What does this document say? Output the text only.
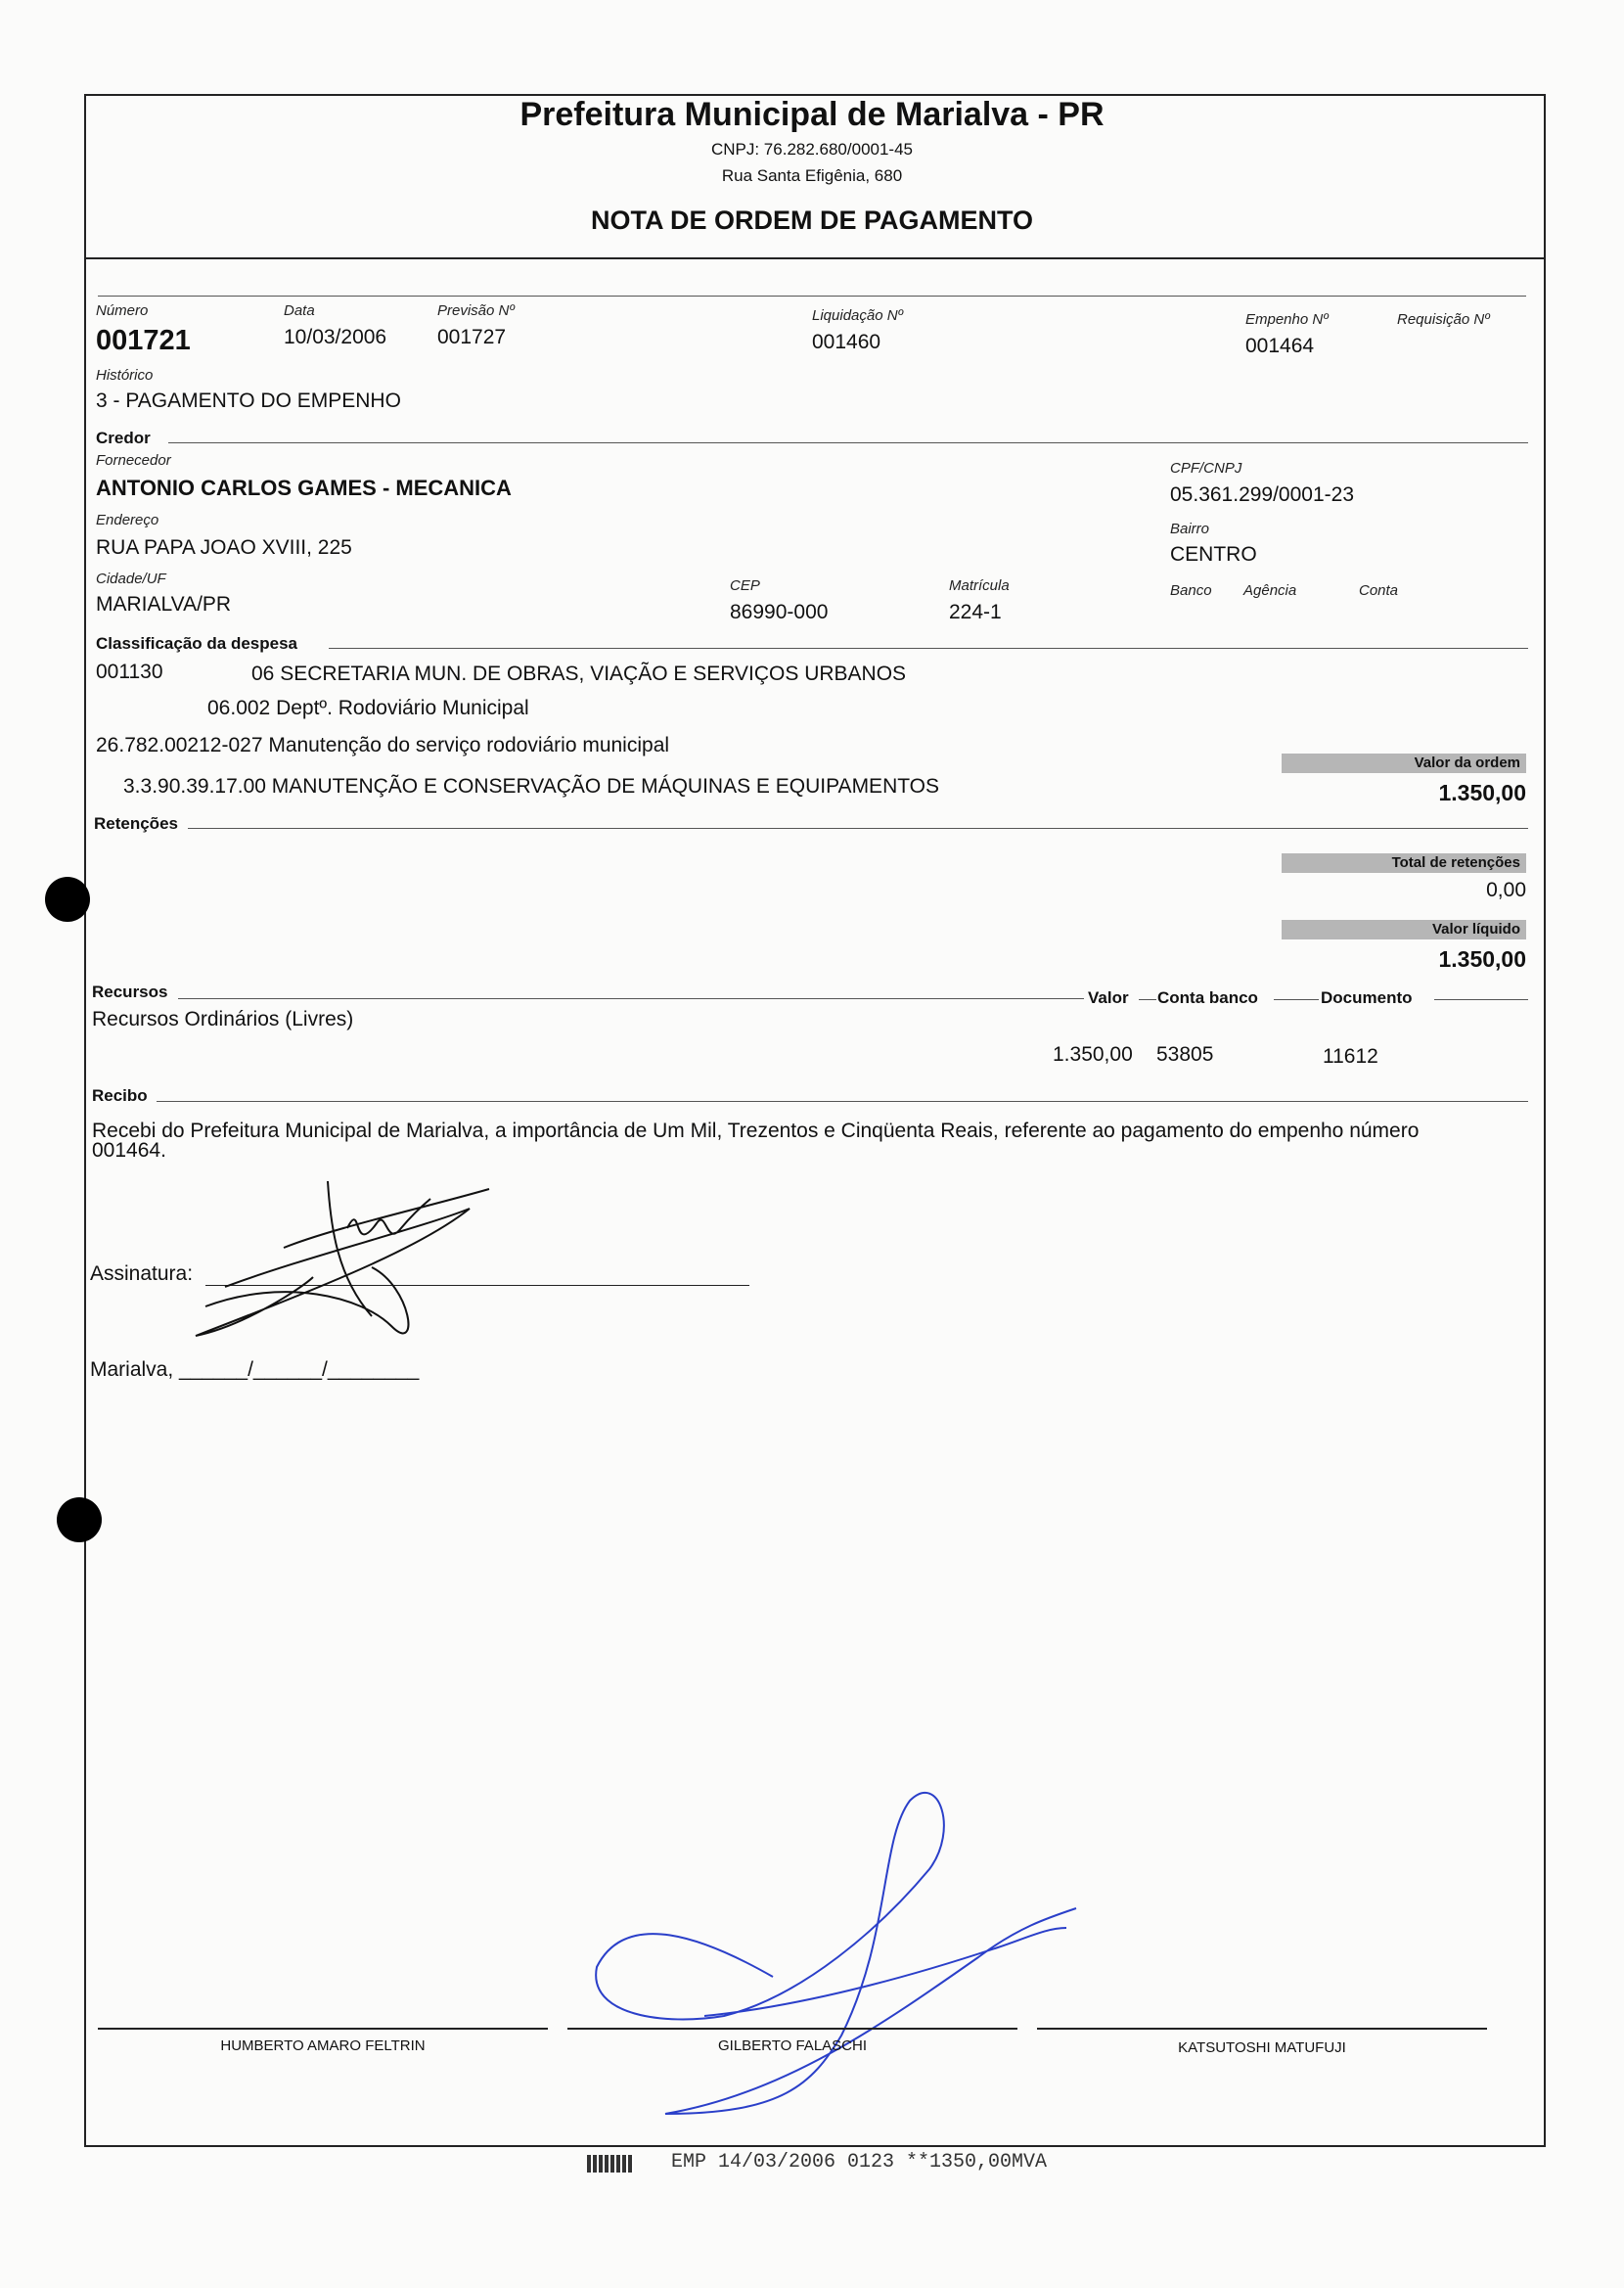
Prefeitura Municipal de Marialva - PR
CNPJ: 76.282.680/0001-45
Rua Santa Efigênia, 680
NOTA DE ORDEM DE PAGAMENTO
Número
001721
Data
10/03/2006
Previsão Nº
001727
Liquidação Nº
001460
Empenho Nº
001464
Requisição Nº
Histórico
3 - PAGAMENTO DO EMPENHO
Credor
Fornecedor
ANTONIO CARLOS GAMES - MECANICA
CPF/CNPJ
05.361.299/0001-23
Endereço
RUA PAPA JOAO XVIII, 225
Bairro
CENTRO
Cidade/UF
MARIALVA/PR
CEP
86990-000
Matrícula
224-1
Banco Agência	Conta
Classificação da despesa
001130	06 SECRETARIA MUN. DE OBRAS, VIAÇÃO E SERVIÇOS URBANOS
06.002 Deptº. Rodoviário Municipal
26.782.00212-027 Manutenção do serviço rodoviário municipal
3.3.90.39.17.00 MANUTENÇÃO E CONSERVAÇÃO DE MÁQUINAS E EQUIPAMENTOS
Valor da ordem
1.350,00
Retenções
Total de retenções
0,00
Valor líquido
1.350,00
Recursos	Valor Conta banco	Documento
Recursos Ordinários (Livres)
1.350,00 53805	11612
Recibo
Recebi do Prefeitura Municipal de Marialva, a importância de Um Mil, Trezentos e Cinqüenta Reais, referente ao pagamento do empenho número
001464.
Assinatura:
Marialva, ______/______/________
HUMBERTO AMARO FELTRIN	GILBERTO FALASCHI	KATSUTOSHI MATUFUJI
EMP 14/03/2006 0123 **1350,00MVA
